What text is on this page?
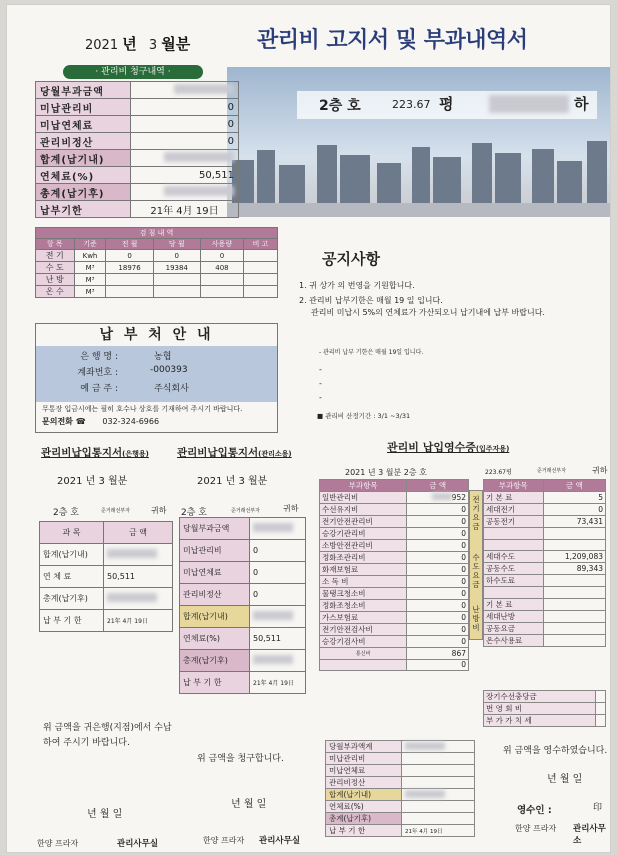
2021 년 3 월분	관리비 고지서 및 부과내역서
· 관리비 청구내역 ·
2층 호	223.67 평	하
당월부과금액	
미납관리비	0
미납연체료	0
관리비정산	0
합계(납기내)	
연체료(%)	50,511
총계(납기후)	
납부기한	21年 4月 19日
검 침 내 역					
항 목	기준	전 월	당 월	사용량	비 고
전 기	Kwh	0	0	0	
수 도	M³	18976	19384	408	
난 방	M³				
온 수	M³				
납 부 처 안 내
은 행 명 :	농협
계좌번호 :	-000393
예 금 주 :	주식회사
무통장 입금시에는 필히 호수나 상호를 기재하여 주시기 바랍니다.
문의전화 ☎ 032-324-6966
공지사항
1. 귀 상가 의 번영을 기원합니다.
2. 관리비 납부기한은 매월 19 일 입니다.
관리비 미납시 5%의 연체료가 가산되오니 납기내에 납부 바랍니다.
- 관리비 납부 기한은 매월 19일 입니다.
-
-
-
■ 관리비 산정기간 : 3/1 ~3/31
관리비납입통지서(은행용)
2021 년 3 월분
2층 호	준거래선부자	귀하
과 목	금 액
합계(납기내)	
연 체 료	50,511
총계(납기후)	
납 부 기 한	21年 4月 19日
위 금액을 귀은행(지점)에서 수납하여 주시기 바랍니다.
년 월 일
한양 프라자	관리사무실
관리비납입통지서(관리소용)
2021 년 3 월분
2층 호	준거래선부자	귀하
당월부과금액	
미납관리비	0
미납연체료	0
관리비정산	0
합계(납기내)	
연체료(%)	50,511
총계(납기후)	
납 부 기 한	21年 4月 19日
위 금액을 청구합니다.
년 월 일
한양 프라자 관리사무실
관리비 납입영수증(입주자용)
2021 년 3 월분 2층 호	223.67평	준거래선부자	귀하
부과항목	금 액
일반관리비	952
수선유지비	0
전기안전관리비	0
승강기관리비	0
소방안전관리비	0
정화조관리비	0
화재보험료	0
소 독 비	0
물탱크청소비	0
정화조청소비	0
가스보험료	0
전기안전검사비	0
승강기검사비	0
통신비	867
	0
전기요금
수도요금
난방비
부과항목	금 액
기 본 료	5
세대전기	0
공동전기	73,431

세대수도	1,209,083
공동수도	89,343
하수도료	

기 본 료	
세대난방	
공동요금	
온수사용료	
장기수선충당금	
번 영 회 비	
부 가 가 치 세	
당월부과액계	
미납관리비	
미납연체료	
관리비정산	
합계(납기내)	
연체료(%)	
총계(납기후)	
납 부 기 한	21年 4月 19日
위 금액을 영수하였습니다.
년 월 일
영수인 :	印
한양 프라자 관리사무소
